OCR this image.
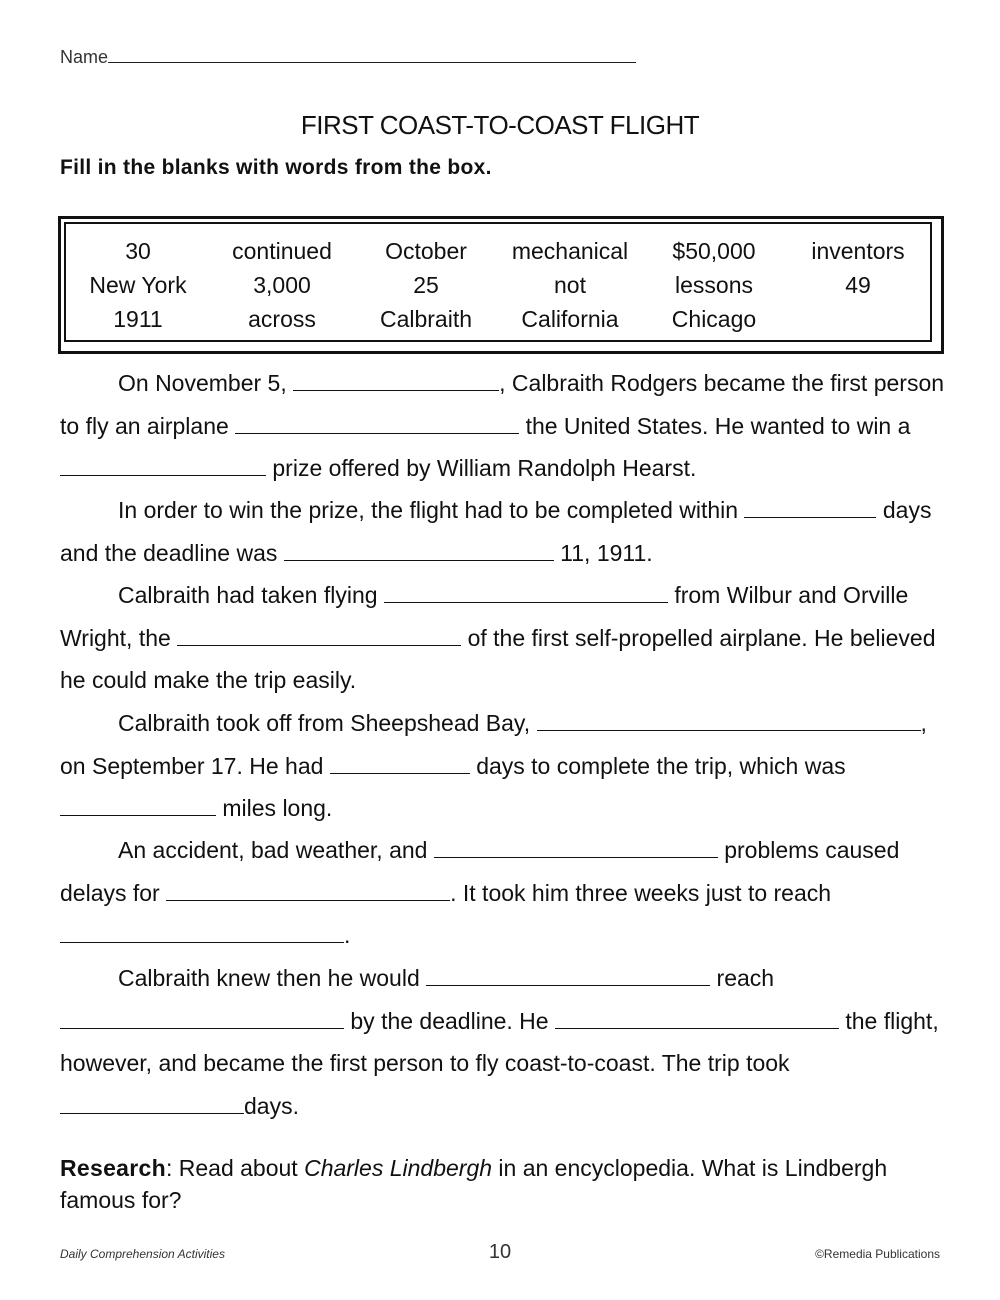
Name
FIRST COAST-TO-COAST FLIGHT
Fill in the blanks with words from the box.
30	continued	October	mechanical	$50,000	inventors
New York	3,000	25	not	lessons	49
1911	across	Calbraith	California	Chicago

On November 5,	, Calbraith Rodgers became the first person to fly an airplane	the United States. He wanted to win a  prize offered by William Randolph Hearst.

In order to win the prize, the flight had to be completed within	days and the deadline was	11, 1911.

Calbraith had taken flying	from Wilbur and Orville Wright, the	of the first self-propelled airplane. He believed he could make the trip easily.

Calbraith took off from Sheepshead Bay,	, on September 17. He had	days to complete the trip, which was  miles long.

An accident, bad weather, and	problems caused delays for	. It took him three weeks just to reach .

Calbraith knew then he would	reach  by the deadline. He	the flight, however, and became the first person to fly coast-to-coast. The trip took days.

Research: Read about Charles Lindbergh in an encyclopedia. What is Lindbergh famous for?
Daily Comprehension Activities	10	©Remedia Publications
